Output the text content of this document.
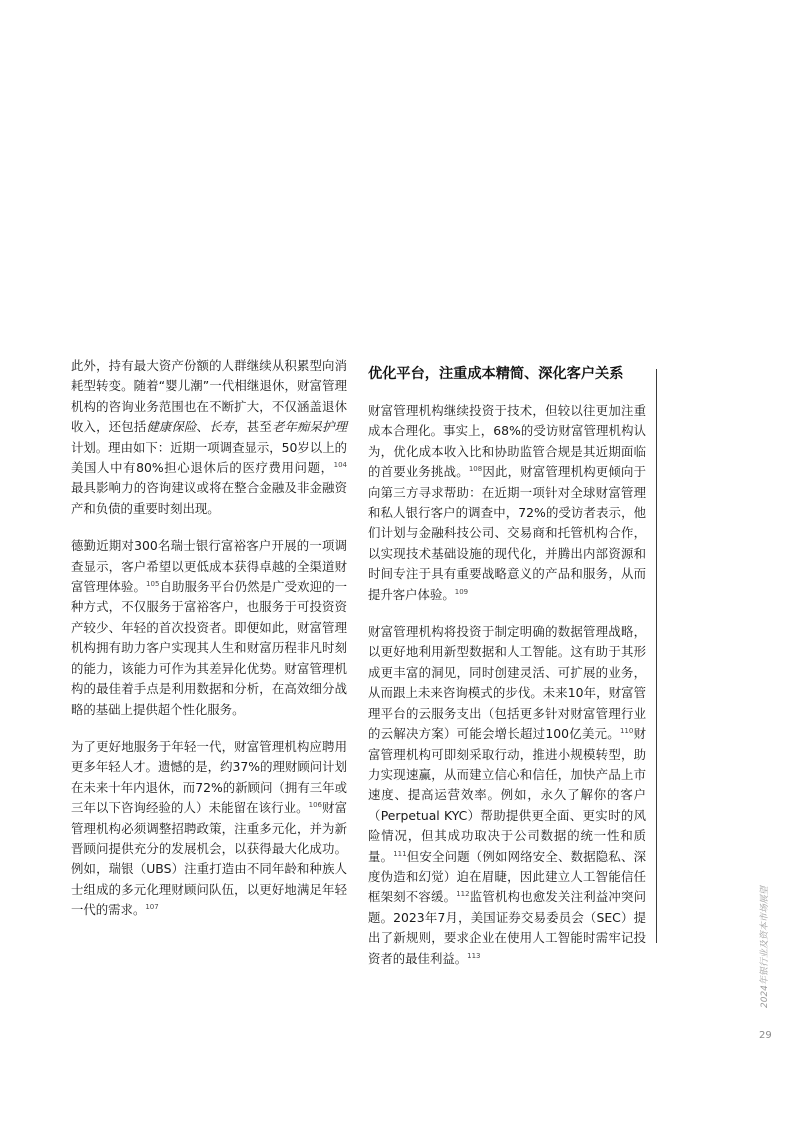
此外，持有最大资产份额的人群继续从积累型向消耗型转变。随着“婴儿潮”一代相继退休，财富管理机构的咨询业务范围也在不断扩大，不仅涵盖退休收入，还包括健康保险、长寿，甚至老年痴呆护理计划。理由如下：近期一项调查显示，50岁以上的美国人中有80%担心退休后的医疗费用问题，$^{104}$最具影响力的咨询建议或将在整合金融及非金融资产和负债的重要时刻出现。

德勤近期对300名瑞士银行富裕客户开展的一项调查显示，客户希望以更低成本获得卓越的全渠道财富管理体验。$^{105}$自助服务平台仍然是广受欢迎的一种方式，不仅服务于富裕客户，也服务于可投资资产较少、年轻的首次投资者。即便如此，财富管理机构拥有助力客户实现其人生和财富历程非凡时刻的能力，该能力可作为其差异化优势。财富管理机构的最佳着手点是利用数据和分析，在高效细分战略的基础上提供超个性化服务。

为了更好地服务于年轻一代，财富管理机构应聘用更多年轻人才。遗憾的是，约37%的理财顾问计划在未来十年内退休，而72%的新顾问（拥有三年或三年以下咨询经验的人）未能留在该行业。$^{106}$财富管理机构必须调整招聘政策，注重多元化，并为新晋顾问提供充分的发展机会，以获得最大化成功。例如，瑞银（UBS）注重打造由不同年龄和种族人士组成的多元化理财顾问队伍，以更好地满足年轻一代的需求。$^{107}$

优化平台，注重成本精简、深化客户关系

财富管理机构继续投资于技术，但较以往更加注重成本合理化。事实上，68%的受访财富管理机构认为，优化成本收入比和协助监管合规是其近期面临的首要业务挑战。$^{108}$因此，财富管理机构更倾向于向第三方寻求帮助：在近期一项针对全球财富管理和私人银行客户的调查中，72%的受访者表示，他们计划与金融科技公司、交易商和托管机构合作，以实现技术基础设施的现代化，并腾出内部资源和时间专注于具有重要战略意义的产品和服务，从而提升客户体验。$^{109}$

财富管理机构将投资于制定明确的数据管理战略，以更好地利用新型数据和人工智能。这有助于其形成更丰富的洞见，同时创建灵活、可扩展的业务，从而跟上未来咨询模式的步伐。未来10年，财富管理平台的云服务支出（包括更多针对财富管理行业的云解决方案）可能会增长超过100亿美元。$^{110}$财富管理机构可即刻采取行动，推进小规模转型，助力实现速赢，从而建立信心和信任，加快产品上市速度、提高运营效率。例如，永久了解你的客户（Perpetual KYC）帮助提供更全面、更实时的风险情况，但其成功取决于公司数据的统一性和质量。$^{111}$但安全问题（例如网络安全、数据隐私、深度伪造和幻觉）迫在眉睫，因此建立人工智能信任框架刻不容缓。$^{112}$监管机构也愈发关注利益冲突问题。2023年7月，美国证券交易委员会（SEC）提出了新规则，要求企业在使用人工智能时需牢记投资者的最佳利益。$^{113}$	2024年银行业及资本市场展望
29
